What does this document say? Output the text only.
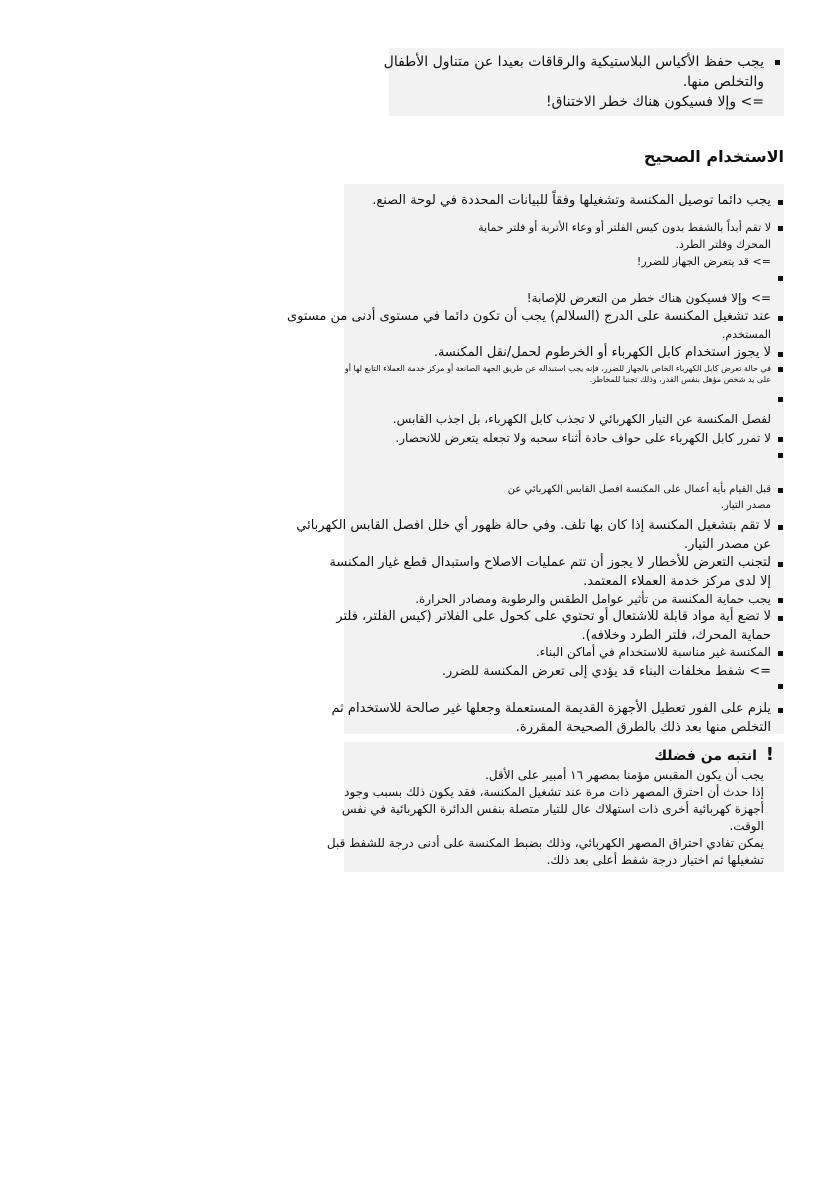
يجب حفظ الأكياس البلاستيكية والرقاقات بعيدا عن متناول الأطفال
والتخلص منها.
=> وإلا فسيكون هناك خطر الاختناق!
الاستخدام الصحيح
يجب دائما توصيل المكنسة وتشغيلها وفقاً للبيانات المحددة في لوحة الصنع.
لا تقم أبداً بالشفط بدون كيس الفلتر أو وعاء الأتربة أو فلتر حماية
المحرك وفلتر الطرد.
=> قد يتعرض الجهاز للضرر!
=> وإلا فسيكون هناك خطر من التعرض للإصابة!
عند تشغيل المكنسة على الدرج (السلالم) يجب أن تكون دائما في مستوى أدنى من مستوى
المستخدم.
لا يجوز استخدام كابل الكهرباء أو الخرطوم لحمل/نقل المكنسة.
في حالة تعرض كابل الكهرباء الخاص بالجهاز للضرر، فإنه يجب استبداله عن طريق الجهة الصانعة أو مركز خدمة العملاء التابع لها أو
على يد شخص مؤهل بنفس القدر، وذلك تجنبا للمخاطر.
لفصل المكنسة عن التيار الكهربائي لا تجذب كابل الكهرباء، بل اجذب القابس.
لا تمرر كابل الكهرباء على حواف حادة أثناء سحبه ولا تجعله يتعرض للانحصار.
قبل القيام بأية أعمال على المكنسة افصل القابس الكهربائي عن
مصدر التيار.
لا تقم بتشغيل المكنسة إذا كان بها تلف. وفي حالة ظهور أي خلل افصل القابس الكهربائي
عن مصدر التيار.
لتجنب التعرض للأخطار لا يجوز أن تتم عمليات الاصلاح واستبدال قطع غيار المكنسة
إلا لدى مركز خدمة العملاء المعتمد.
يجب حماية المكنسة من تأثير عوامل الطقس والرطوبة ومصادر الحرارة.
لا تضع أية مواد قابلة للاشتعال أو تحتوي على كحول على الفلاتر (كيس الفلتر، فلتر
حماية المحرك، فلتر الطرد وخلافه).
المكنسة غير مناسبة للاستخدام في أماكن البناء.
=> شفط مخلفات البناء قد يؤدي إلى تعرض المكنسة للضرر.
يلزم على الفور تعطيل الأجهزة القديمة المستعملة وجعلها غير صالحة للاستخدام ثم
التخلص منها بعد ذلك بالطرق الصحيحة المقررة.
! انتبه من فضلك
يجب أن يكون المقبس مؤمنا بمصهر ١٦ أمبير على الأقل.
إذا حدث أن احترق المصهر ذات مرة عند تشغيل المكنسة، فقد يكون ذلك بسبب وجود
أجهزة كهربائية أخرى ذات استهلاك عال للتيار متصلة بنفس الدائرة الكهربائية في نفس
الوقت.
يمكن تفادي احتراق المصهر الكهربائي، وذلك بضبط المكنسة على أدنى درجة للشفط قبل
تشغيلها ثم اختيار درجة شفط أعلى بعد ذلك.
